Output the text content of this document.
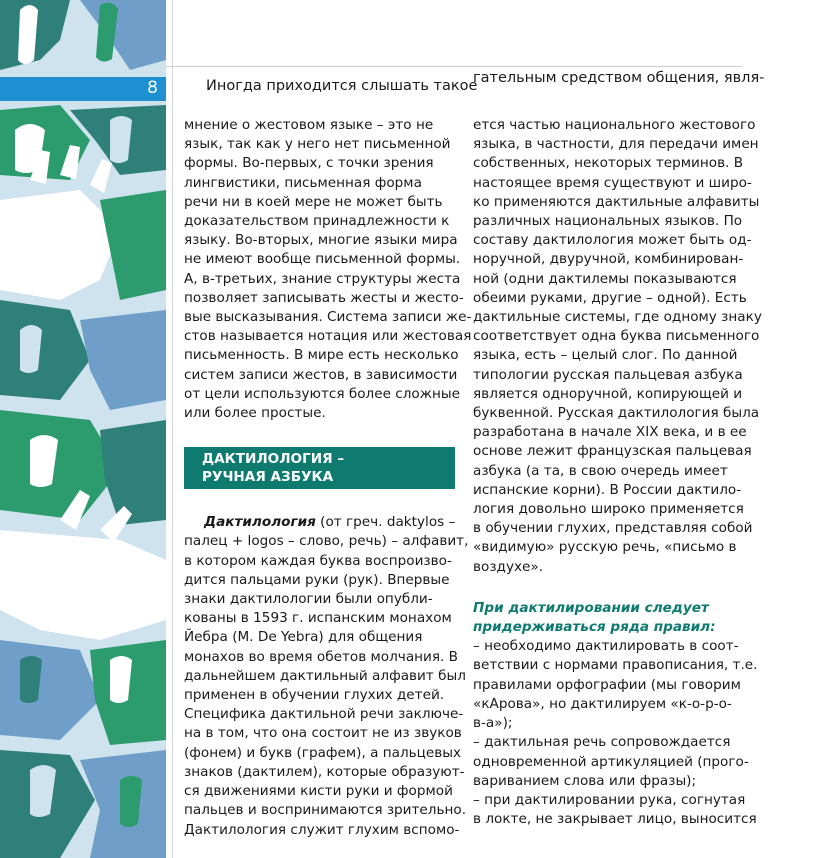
8	Иногда приходится слышать такое

мнение о жестовом языке – это не
язык, так как у него нет письменной
формы. Во-первых, с точки зрения
лингвистики, письменная форма
речи ни в коей мере не может быть
доказательством принадлежности к
языку. Во-вторых, многие языки мира
не имеют вообще письменной формы.
А, в-третьих, знание структуры жеста
позволяет записывать жесты и жесто-
вые высказывания. Система записи же-
стов называется нотация или жестовая
письменность. В мире есть несколько
систем записи жестов, в зависимости
от цели используются более сложные
или более простые.

ДАКТИЛОЛОГИЯ –
РУЧНАЯ АЗБУКА

Дактилология (от греч. daktylos –
палец + logos – слово, речь) – алфавит,
в котором каждая буква воспроизво-
дится пальцами руки (рук). Впервые
знаки дактилологии были опубли-
кованы в 1593 г. испанским монахом
Йебра (M. De Yebra) для общения
монахов во время обетов молчания. В
дальнейшем дактильный алфавит был
применен в обучении глухих детей.
Специфика дактильной речи заключе-
на в том, что она состоит не из звуков
(фонем) и букв (графем), а пальцевых
знаков (дактилем), которые образуют-
ся движениями кисти руки и формой
пальцев и воспринимаются зрительно.
Дактилология служит глухим вспомо-

гательным средством общения, явля-

ется частью национального жестового
языка, в частности, для передачи имен
собственных, некоторых терминов. В
настоящее время существуют и широ-
ко применяются дактильные алфавиты
различных национальных языков. По
составу дактилология может быть од-
норучной, двуручной, комбинирован-
ной (одни дактилемы показываются
обеими руками, другие – одной). Есть
дактильные системы, где одному знаку
соответствует одна буква письменного
языка, есть – целый слог. По данной
типологии русская пальцевая азбука
является одноручной, копирующей и
буквенной. Русская дактилология была
разработана в начале XIX века, и в ее
основе лежит французская пальцевая
азбука (а та, в свою очередь имеет
испанские корни). В России дактило-
логия довольно широко применяется
в обучении глухих, представляя собой
«видимую» русскую речь, «письмо в
воздухе».

При дактилировании следует
придерживаться ряда правил:

– необходимо дактилировать в соот-
ветствии с нормами правописания, т.е.
правилами орфографии (мы говорим
«кАрова», но дактилируем «к-о-р-о-
в-а»);
– дактильная речь сопровождается
одновременной артикуляцией (прого-
вариванием слова или фразы);
– при дактилировании рука, согнутая
в локте, не закрывает лицо, выносится
